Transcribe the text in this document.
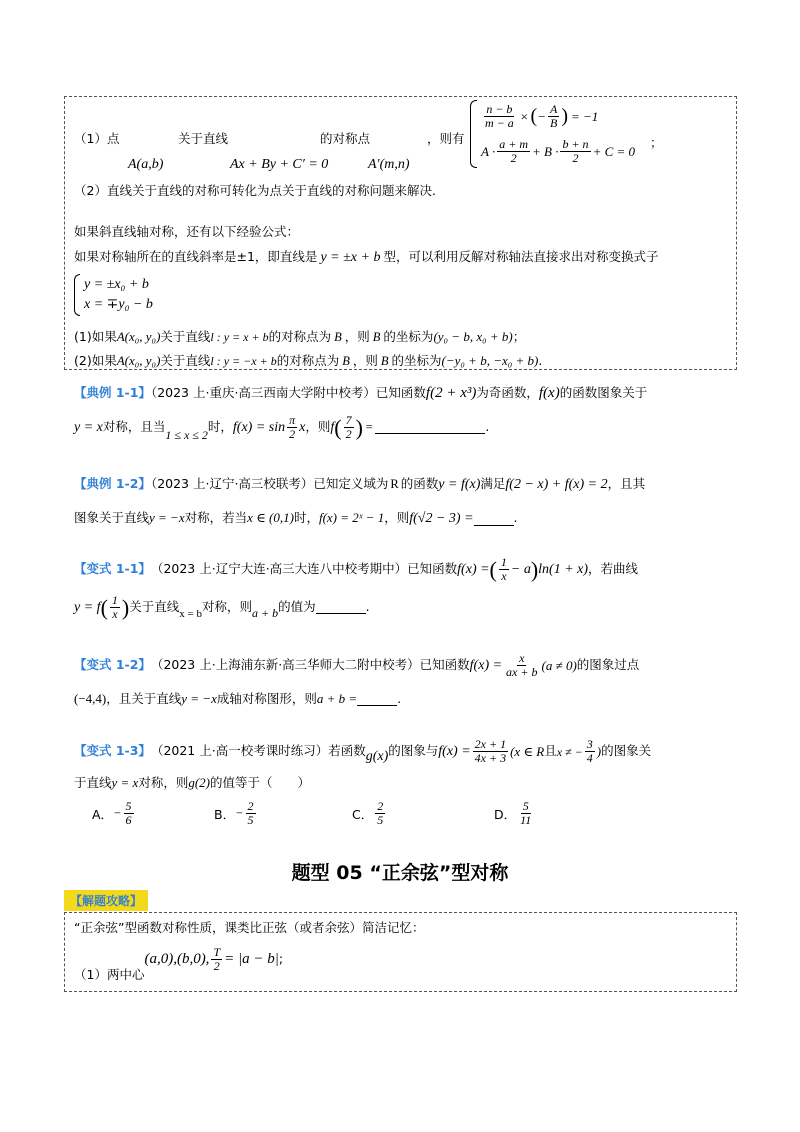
（1）点	关于直线	的对称点	，则有
A(a,b)	Ax + By + C′ = 0	A′(m,n)
$\frac{n - b}{m - a}$ × ( − $\frac{A}{B}$ ) = −1
$A \cdot \frac{a + m}{2} + B \cdot \frac{b + n}{2} + C = 0$
；
（2）直线关于直线的对称可转化为点关于直线的对称问题来解决.
如果斜直线轴对称，还有以下经验公式：
如果对称轴所在的直线斜率是±1，即直线是 y = ±x + b 型，可以利用反解对称轴法直接求出对称变换式子
y = ±x₀ + b
x = ∓y₀ − b
(1)如果A(x₀, y₀)关于直线l : y = x + b的对称点为 B ，则 B 的坐标为(y₀ − b, x₀ + b)；
(2)如果A(x₀, y₀)关于直线l : y = −x + b的对称点为 B ，则 B 的坐标为(−y₀ + b, −x₀ + b).
【典例 1-1】（2023 上·重庆·高三西南大学附中校考）已知函数f(2 + x³)为奇函数，f(x)的函数图象关于
y = x 对称，且当
1 ≤ x ≤ 2
时， $f(x) = \sin \frac{\pi}{2}$ x ，则 f ( $\frac{7}{2}$ ) =	.
【典例 1-2】（2023 上·辽宁·高三校联考）已知定义域为 R 的函数y = f(x)满足f(2 − x) + f(x) = 2，且其
图象关于直线y = −x对称，若当x ∈ (0,1)时，f(x) = 2ˣ − 1，则f(√2 − 3) =	.
【变式 1-1】 （2023 上·辽宁大连·高三大连八中校考期中）已知函数 f(x) = ( $\frac{1}{x} - a$ ) ln(1 + x) ，若曲线
y = f ( $\frac{1}{x}$ ) 关于直线 x = b 对称，则 a + b 的值为	.
【变式 1-2】 （2023 上·上海浦东新·高三华师大二附中校考）已知函数 $f(x) = \frac{x}{ax + b} (a \ne 0)$ 的图象过点
(−4,4)，且关于直线y = −x成轴对称图形，则a + b =	.
【变式 1-3】 （2021 上·高一校考课时练习）若函数 g(x) 的图象与 $f(x) = \frac{2x + 1}{4x + 3} (x$ ∈ R 且 x ≠ − $\frac{3}{4}$ ) 的图象关
于直线y = x对称，则g(2)的值等于（　　）
A． − $\frac{5}{6}$	B． − $\frac{2}{5}$	C． $\frac{2}{5}$	D． $\frac{5}{11}$
题型 05 “正余弦”型对称
【解题攻略】
“正余弦”型函数对称性质，课类比正弦（或者余弦）简洁记忆：
（1）两中心
(a,0),(b,0), $\frac{T}{2} = |a - b|$ ;
